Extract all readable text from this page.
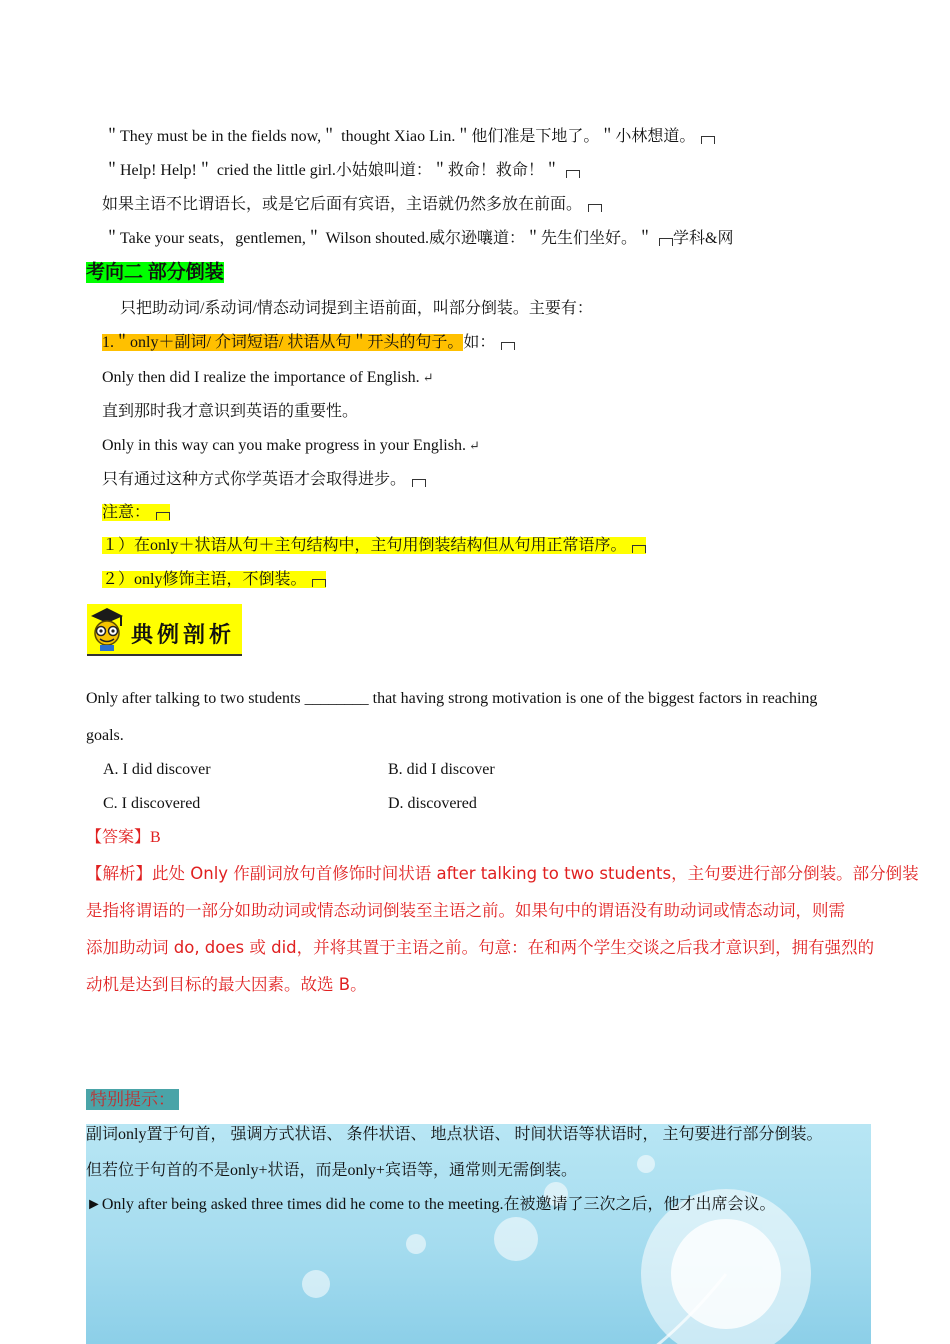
＂They must be in the fields now,＂ thought Xiao Lin.＂他们准是下地了。＂小林想道。
＂Help! Help!＂ cried the little girl.小姑娘叫道：＂救命！救命！＂
如果主语不比谓语长，或是它后面有宾语，主语就仍然多放在前面。
＂Take your seats，gentlemen,＂ Wilson shouted.威尔逊嚷道：＂先生们坐好。＂ 学科&网
考向二 部分倒装
只把助动词/系动词/情态动词提到主语前面，叫部分倒装。主要有：
1.＂only＋副词/ 介词短语/ 状语从句＂开头的句子。如：
Only then did I realize the importance of English. ↵
直到那时我才意识到英语的重要性。
Only in this way can you make progress in your English. ↵
只有通过这种方式你学英语才会取得进步。
注意：
１）在only＋状语从句＋主句结构中，主句用倒装结构但从句用正常语序。
２）only修饰主语，不倒装。
典例剖析
Only after talking to two students ________ that having strong motivation is one of the biggest factors in reaching
goals.
A. I did discover	B. did I discover
C. I discovered	D. discovered
【答案】B
【解析】此处 Only 作副词放句首修饰时间状语 after talking to two students，主句要进行部分倒装。部分倒装
是指将谓语的一部分如助动词或情态动词倒装至主语之前。如果句中的谓语没有助动词或情态动词，则需
添加助动词 do, does 或 did，并将其置于主语之前。句意：在和两个学生交谈之后我才意识到，拥有强烈的
动机是达到目标的最大因素。故选 B。
特别提示：
副词only置于句首， 强调方式状语、 条件状语、 地点状语、 时间状语等状语时， 主句要进行部分倒装。
但若位于句首的不是only+状语，而是only+宾语等，通常则无需倒装。
►Only after being asked three times did he come to the meeting.在被邀请了三次之后，他才出席会议。
